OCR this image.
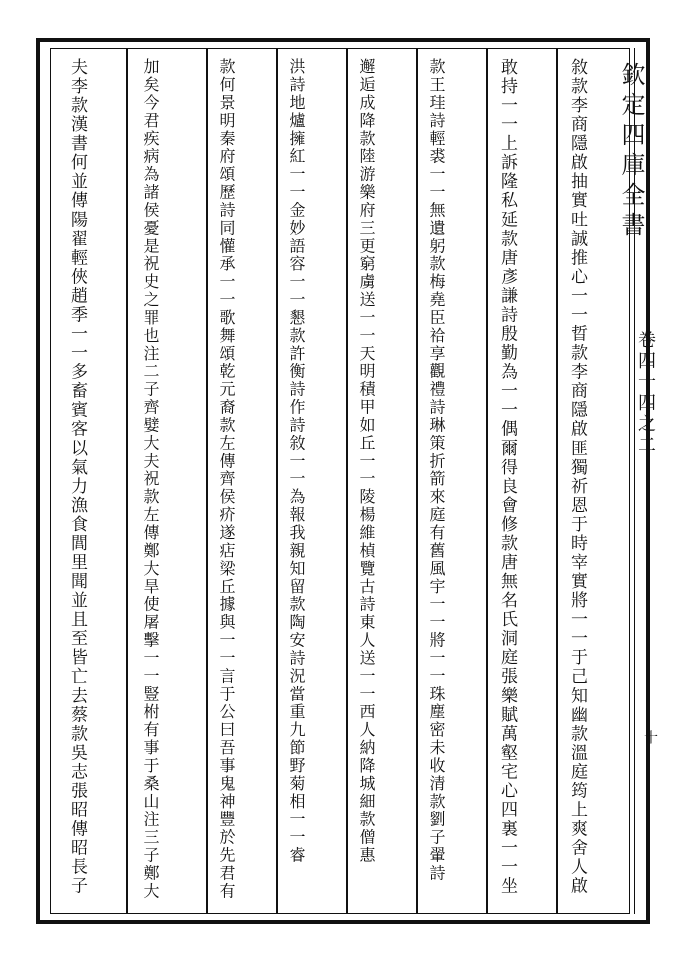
欽定四庫全書
卷四十四之二
十
敘款李商隱啟抽實吐誠推心一一晢款李商隱啟匪獨祈恩于時宰實將一一于己知幽款溫庭筠上爽舍人啟
敢持一一上訴隆私延款唐彥謙詩殷勤為一一偶爾得良會修款唐無名氏洞庭張樂賦萬壑宅心四裏一一坐
款王珪詩輕裘一一無遺躬款梅堯臣祫享觀禮詩琳策折箭來庭有舊風宇一一將一一珠塵密未收清款劉子翬詩
邂逅成降款陸游樂府三更窮虜送一一天明積甲如丘一一陵楊維楨覽古詩東人送一一西人納降城細款僧惠
洪詩地爐擁紅一一金妙語容一一懇款許衡詩作詩敘一一為報我親知留款陶安詩況當重九節野菊相一一睿
款何景明秦府頌歷詩同懽承一一歌舞頌乾元裔款左傳齊侯疥遂痁梁丘據與一一言于公曰吾事鬼神豐於先君有
加矣今君疾病為諸侯憂是祝史之罪也注二子齊嬖大夫祝款左傳鄭大旱使屠擊一一豎柎有事于桑山注三子鄭大
夫李款漢書何並傳陽翟輕俠趙季一一多畜賓客以氣力漁食閭里聞並且至皆亡去蔡款吳志張昭傳昭長子
